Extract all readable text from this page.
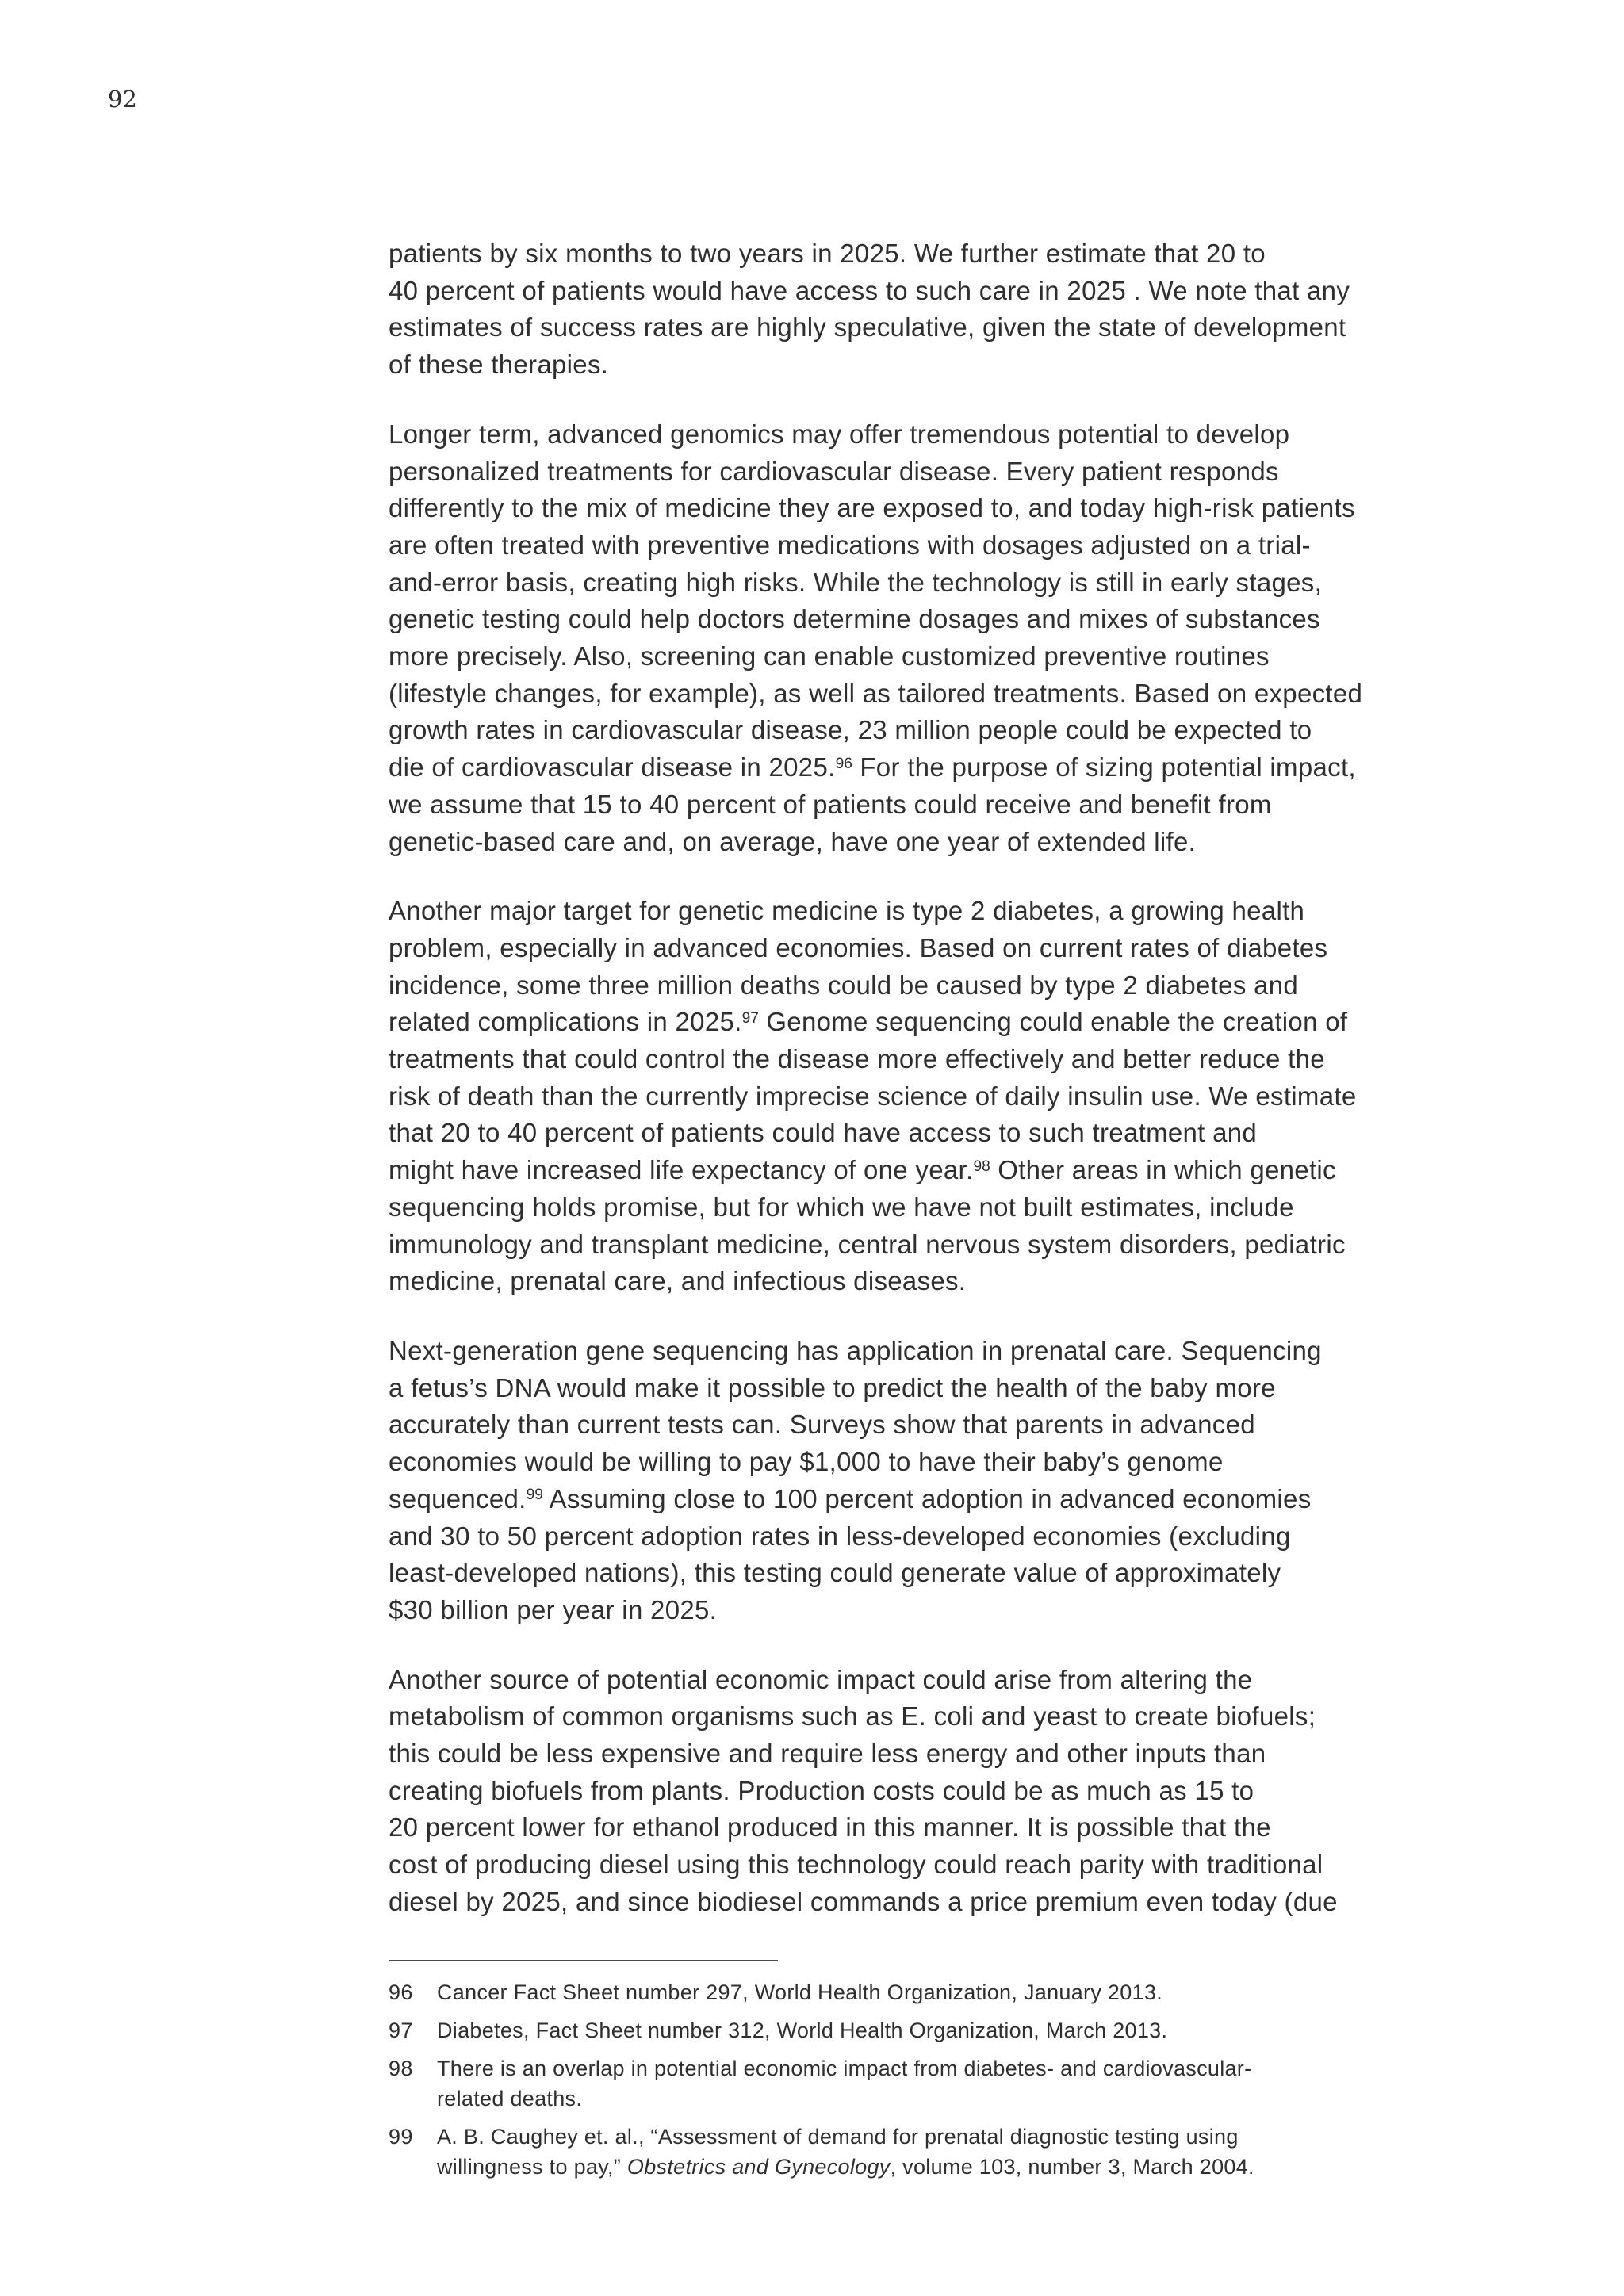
92
patients by six months to two years in 2025. We further estimate that 20 to
40 percent of patients would have access to such care in 2025 . We note that any
estimates of success rates are highly speculative, given the state of development
of these therapies.
Longer term, advanced genomics may offer tremendous potential to develop
personalized treatments for cardiovascular disease. Every patient responds
differently to the mix of medicine they are exposed to, and today high-risk patients
are often treated with preventive medications with dosages adjusted on a trial-
and-error basis, creating high risks. While the technology is still in early stages,
genetic testing could help doctors determine dosages and mixes of substances
more precisely. Also, screening can enable customized preventive routines
(lifestyle changes, for example), as well as tailored treatments. Based on expected
growth rates in cardiovascular disease, 23 million people could be expected to
die of cardiovascular disease in 2025.96 For the purpose of sizing potential impact,
we assume that 15 to 40 percent of patients could receive and benefit from
genetic-based care and, on average, have one year of extended life.
Another major target for genetic medicine is type 2 diabetes, a growing health
problem, especially in advanced economies. Based on current rates of diabetes
incidence, some three million deaths could be caused by type 2 diabetes and
related complications in 2025.97 Genome sequencing could enable the creation of
treatments that could control the disease more effectively and better reduce the
risk of death than the currently imprecise science of daily insulin use. We estimate
that 20 to 40 percent of patients could have access to such treatment and
might have increased life expectancy of one year.$^{98}$ Other areas in which genetic
sequencing holds promise, but for which we have not built estimates, include
immunology and transplant medicine, central nervous system disorders, pediatric
medicine, prenatal care, and infectious diseases.
Next-generation gene sequencing has application in prenatal care. Sequencing
a fetus’s DNA would make it possible to predict the health of the baby more
accurately than current tests can. Surveys show that parents in advanced
economies would be willing to pay $1,000 to have their baby’s genome
sequenced.$^{99}$ Assuming close to 100 percent adoption in advanced economies
and 30 to 50 percent adoption rates in less-developed economies (excluding
least-developed nations), this testing could generate value of approximately
$30 billion per year in 2025.
Another source of potential economic impact could arise from altering the
metabolism of common organisms such as E. coli and yeast to create biofuels;
this could be less expensive and require less energy and other inputs than
creating biofuels from plants. Production costs could be as much as 15 to
20 percent lower for ethanol produced in this manner. It is possible that the
cost of producing diesel using this technology could reach parity with traditional
diesel by 2025, and since biodiesel commands a price premium even today (due
96	Cancer Fact Sheet number 297, World Health Organization, January 2013.
97	Diabetes, Fact Sheet number 312, World Health Organization, March 2013.
98	There is an overlap in potential economic impact from diabetes- and cardiovascular-
related deaths.
99	A. B. Caughey et. al., “Assessment of demand for prenatal diagnostic testing using
willingness to pay,” Obstetrics and Gynecology, volume 103, number 3, March 2004.
